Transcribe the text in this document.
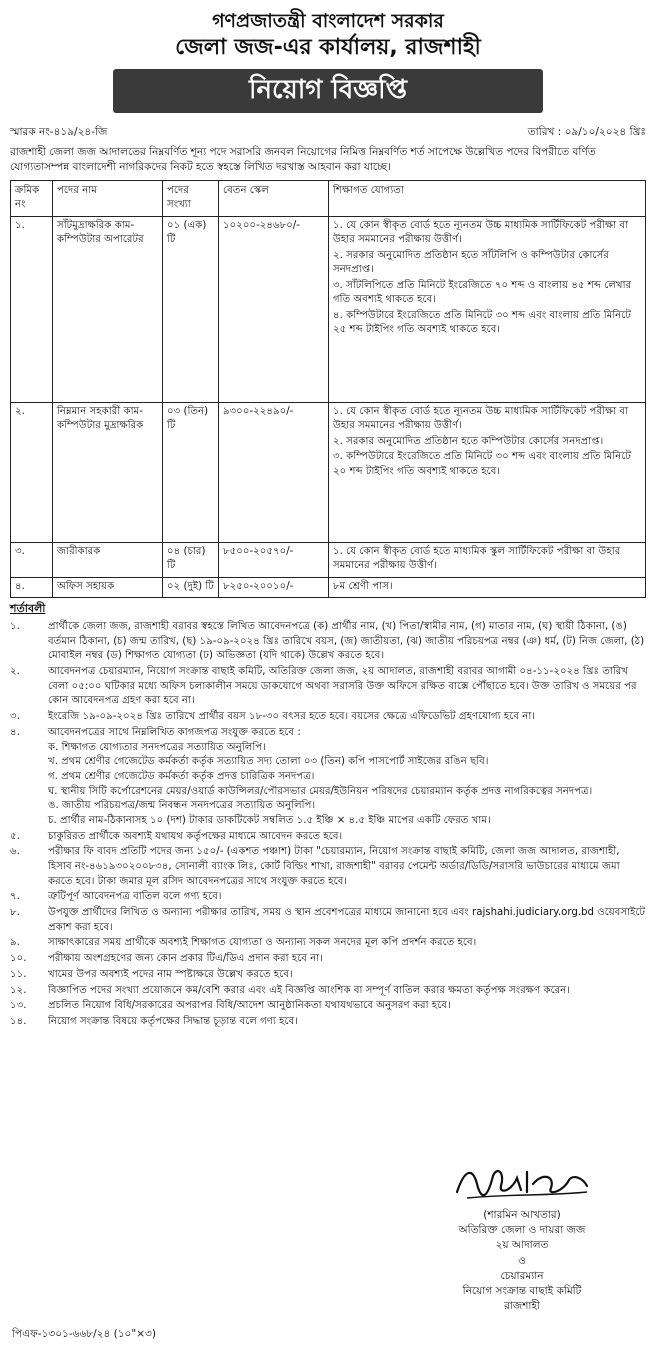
গণপ্রজাতন্ত্রী বাংলাদেশ সরকার
জেলা জজ-এর কার্যালয়, রাজশাহী
নিয়োগ বিজ্ঞপ্তি
স্মারক নং-৪১৯/২৪-জি	তারিখ : ০৯/১০/২০২৪ খ্রিঃ
রাজশাহী জেলা জজ আদালতের নিম্নবর্ণিত শূন্য পদে সরাসরি জনবল নিয়োগের নিমিত্ত নিম্নবর্ণিত শর্ত সাপেক্ষে উল্লেখিত পদের বিপরীতে বর্ণিত যোগ্যতাসম্পন্ন বাংলাদেশী নাগরিকদের নিকট হতে স্বহস্তে লিখিত দরখাস্ত আহবান করা যাচ্ছে।
ক্রমিক নং	পদের নাম	পদের সংখ্যা	বেতন স্কেল	শিক্ষাগত যোগ্যতা
১.	সাঁটমুদ্রাক্ষরিক কাম-কম্পিউটার অপারেটর	০১ (এক) টি	১০২০০-২৪৬৮০/-	১. যে কোন স্বীকৃত বোর্ড হতে ন্যূনতম উচ্চ মাধ্যমিক সার্টিফিকেট পরীক্ষা বা উহার সমমানের পরীক্ষায় উত্তীর্ণ।
২. সরকার অনুমোদিত প্রতিষ্ঠান হতে সাঁটলিপি ও কম্পিউটার কোর্সের সনদপ্রাপ্ত।
৩. সাঁটলিপিতে প্রতি মিনিটে ইংরেজিতে ৭০ শব্দ ও বাংলায় ৪৫ শব্দ লেখার গতি অবশ্যই থাকতে হবে।
৪. কম্পিউটারে ইংরেজিতে প্রতি মিনিটে ৩০ শব্দ এবং বাংলায় প্রতি মিনিটে ২৫ শব্দ টাইপিং গতি অবশ্যই থাকতে হবে।

২.	নিম্নমান সহকারী কাম-কম্পিউটার মুদ্রাক্ষরিক	০৩ (তিন) টি	৯৩০০-২২৪৯০/-	১. যে কোন স্বীকৃত বোর্ড হতে ন্যূনতম উচ্চ মাধ্যমিক সার্টিফিকেট পরীক্ষা বা উহার সমমানের পরীক্ষায় উত্তীর্ণ।
২. সরকার অনুমোদিত প্রতিষ্ঠান হতে কম্পিউটার কোর্সের সনদপ্রাপ্ত।
৩. কম্পিউটারে ইংরেজিতে প্রতি মিনিটে ৩০ শব্দ এবং বাংলায় প্রতি মিনিটে ২০ শব্দ টাইপিং গতি অবশ্যই থাকতে হবে।

৩.	জারীকারক	০৪ (চার) টি	৮৫০০-২০৫৭০/-	১. যে কোন স্বীকৃত বোর্ড হতে মাধ্যমিক স্কুল সার্টিফিকেট পরীক্ষা বা উহার সমমানের পরীক্ষায় উত্তীর্ণ।

৪.	অফিস সহায়ক	০২ (দুই) টি	৮২৫০-২০০১০/-	৮ম শ্রেণী পাস।
শর্তাবলী
১.	প্রার্থীকে জেলা জজ, রাজশাহী বরাবর স্বহস্তে লিখিত আবেদনপত্রে (ক) প্রার্থীর নাম, (খ) পিতা/স্বামীর নাম, (গ) মাতার নাম, (ঘ) স্থায়ী ঠিকানা, (ঙ) বর্তমান ঠিকানা, (চ) জন্ম তারিখ, (ছ) ১৯-০৯-২০২৪ খ্রিঃ তারিখে বয়স, (জ) জাতীয়তা, (ঝ) জাতীয় পরিচয়পত্র নম্বর (ঞ) ধর্ম, (ট) নিজ জেলা, (ঠ) মোবাইল নম্বর (ড) শিক্ষাগত যোগ্যতা (ঢ) অভিজ্ঞতা (যদি থাকে) উল্লেখ করতে হবে।
২.	আবেদনপত্র চেয়ারম্যান, নিয়োগ সংক্রান্ত বাছাই কমিটি, অতিরিক্ত জেলা জজ, ২য় আদালত, রাজশাহী বরাবর আগামী ০৪-১১-২০২৪ খ্রিঃ তারিখ বেলা ০৫:০০ ঘটিকার মধ্যে অফিস চলাকালীন সময়ে ডাকযোগে অথবা সরাসরি উক্ত অফিসে রক্ষিত বাক্সে পৌঁছাতে হবে। উক্ত তারিখ ও সময়ের পর কোন আবেদনপত্র গ্রহণ করা হবে না।
৩.	ইংরেজি ১৯-০৯-২০২৪ খ্রিঃ তারিখে প্রার্থীর বয়স ১৮-৩০ বৎসর হতে হবে। বয়সের ক্ষেত্রে এফিডেভিট গ্রহণযোগ্য হবে না।
৪.	আবেদনপত্রের সাথে নিম্নলিখিত কাগজপত্র সংযুক্ত করতে হবে :
ক. শিক্ষাগত যোগ্যতার সনদপত্রের সত্যায়িত অনুলিপি।
খ. প্রথম শ্রেণীর গেজেটেড কর্মকর্তা কর্তৃক সত্যায়িত সদ্য তোলা ০৩ (তিন) কপি পাসপোর্ট সাইজের রঙিন ছবি।
গ. প্রথম শ্রেণীর গেজেটেড কর্মকর্তা কর্তৃক প্রদত্ত চারিত্রিক সনদপত্র।
ঘ. স্থানীয় সিটি কর্পোরেশনের মেয়র/ওয়ার্ড কাউন্সিলর/পৌরসভার মেয়র/ইউনিয়ন পরিষদের চেয়ারম্যান কর্তৃক প্রদত্ত নাগরিকত্বের সনদপত্র।
ঙ. জাতীয় পরিচয়পত্র/জন্ম নিবন্ধন সনদপত্রের সত্যায়িত অনুলিপি।
চ. প্রার্থীর নাম-ঠিকানাসহ ১০ (দশ) টাকার ডাকটিকেট সম্বলিত ১.৫ ইঞ্চি × ৪.৫ ইঞ্চি মাপের একটি ফেরত খাম।
৫.	চাকুরিরত প্রার্থীকে অবশ্যই যথাযথ কর্তৃপক্ষের মাধ্যমে আবেদন করতে হবে।
৬.	পরীক্ষার ফি বাবদ প্রতিটি পদের জন্য ১৫০/- (একশত পঞ্চাশ) টাকা "চেয়ারম্যান, নিয়োগ সংক্রান্ত বাছাই কমিটি, জেলা জজ আদালত, রাজশাহী, হিসাব নং-৪৬১৯৩০২০০৮৩৪, সোনালী ব্যাংক লিঃ, কোর্ট বিল্ডিং শাখা, রাজশাহী" বরাবর পেমেন্ট অর্ডার/ডিডি/সরাসরি ভাউচারের মাধ্যমে জমা করতে হবে। টাকা জমার মূল রসিদ আবেদনপত্রের সাথে সংযুক্ত করতে হবে।
৭.	ত্রুটিপূর্ণ আবেদনপত্র বাতিল বলে গণ্য হবে।
৮.	উপযুক্ত প্রার্থীদের লিখিত ও অন্যান্য পরীক্ষার তারিখ, সময় ও স্থান প্রবেশপত্রের মাধ্যমে জানানো হবে এবং rajshahi.judiciary.org.bd ওয়েবসাইটে প্রকাশ করা হবে।
৯.	সাক্ষাৎকারের সময় প্রার্থীকে অবশ্যই শিক্ষাগত যোগ্যতা ও অন্যান্য সকল সনদের মূল কপি প্রদর্শন করতে হবে।
১০.	পরীক্ষায় অংশগ্রহণের জন্য কোন প্রকার টিএ/ডিএ প্রদান করা হবে না।
১১.	খামের উপর অবশ্যই পদের নাম স্পষ্টাক্ষরে উল্লেখ করতে হবে।
১২.	বিজ্ঞাপিত পদের সংখ্যা প্রয়োজনে কম/বেশি করার এবং এই বিজ্ঞপ্তি আংশিক বা সম্পূর্ণ বাতিল করার ক্ষমতা কর্তৃপক্ষ সংরক্ষণ করেন।
১৩.	প্রচলিত নিয়োগ বিধি/সরকারের অপরাপর বিধি/আদেশ আনুষ্ঠানিকতা যথাযথভাবে অনুসরণ করা হবে।
১৪.	নিয়োগ সংক্রান্ত বিষয়ে কর্তৃপক্ষের সিদ্ধান্ত চূড়ান্ত বলে গণ্য হবে।
(শারমিন আখতার)
অতিরিক্ত জেলা ও দায়রা জজ
২য় আদালত
ও
চেয়ারম্যান
নিয়োগ সংক্রান্ত বাছাই কমিটি
রাজশাহী
পিএফ-১৩০১-৬৬৮/২৪ (১০"×৩)
